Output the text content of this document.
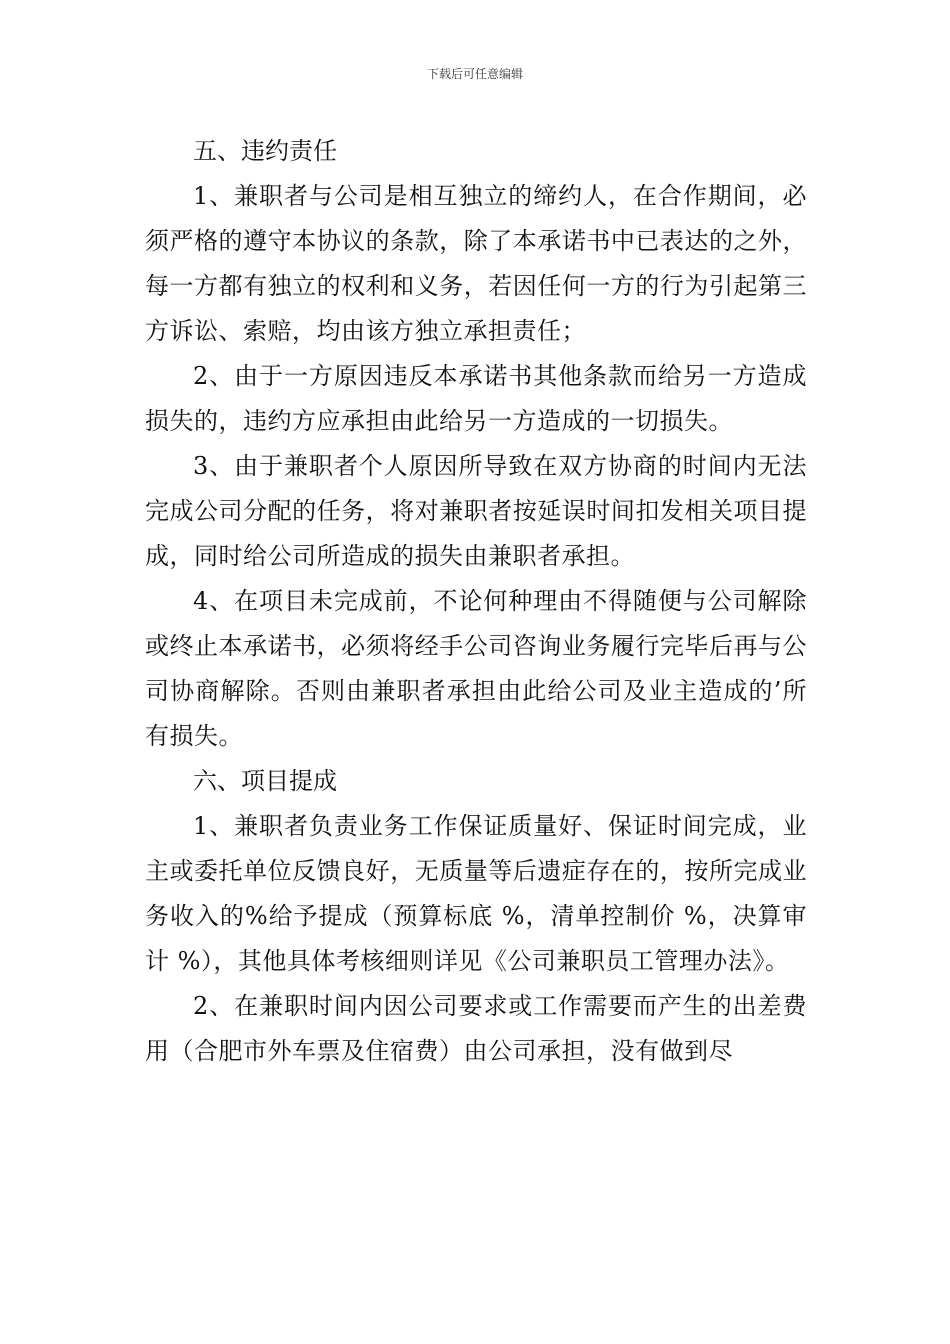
下载后可任意编辑

五、违约责任

1、兼职者与公司是相互独立的缔约人，在合作期间，必须严格的遵守本协议的条款，除了本承诺书中已表达的之外，每一方都有独立的权利和义务，若因任何一方的行为引起第三方诉讼、索赔，均由该方独立承担责任；

2、由于一方原因违反本承诺书其他条款而给另一方造成损失的，违约方应承担由此给另一方造成的一切损失。

3、由于兼职者个人原因所导致在双方协商的时间内无法完成公司分配的任务，将对兼职者按延误时间扣发相关项目提成，同时给公司所造成的损失由兼职者承担。

4、在项目未完成前，不论何种理由不得随便与公司解除或终止本承诺书，必须将经手公司咨询业务履行完毕后再与公司协商解除。否则由兼职者承担由此给公司及业主造成的’所有损失。

六、项目提成

1、兼职者负责业务工作保证质量好、保证时间完成，业主或委托单位反馈良好，无质量等后遗症存在的，按所完成业务收入的%给予提成（预算标底 %，清单控制价 %，决算审计 %），其他具体考核细则详见《公司兼职员工管理办法》。

2、在兼职时间内因公司要求或工作需要而产生的出差费用（合肥市外车票及住宿费）由公司承担，没有做到尽
